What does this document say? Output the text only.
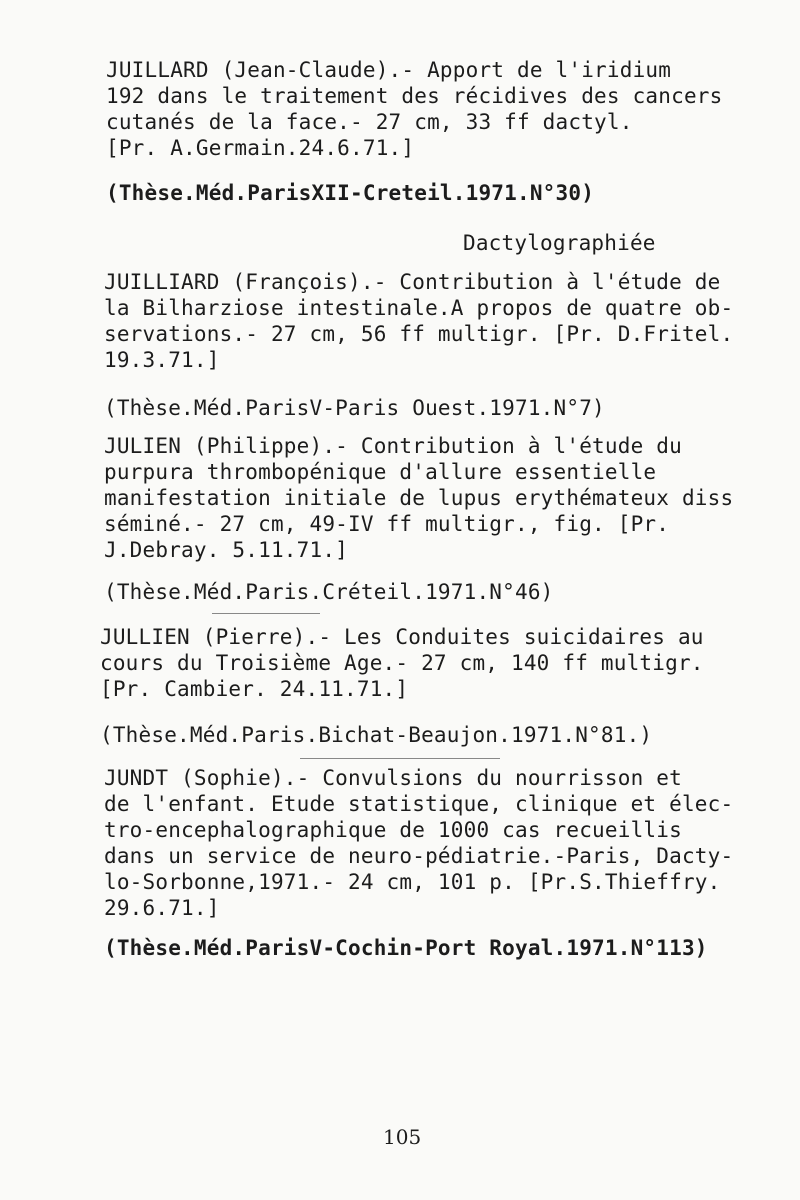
JUILLARD (Jean-Claude).- Apport de l'iridium
192 dans le traitement des récidives des cancers
cutanés de la face.- 27 cm, 33 ff dactyl.
[Pr. A.Germain.24.6.71.]
(Thèse.Méd.ParisXII-Creteil.1971.N°30)
Dactylographiée
JUILLIARD (François).- Contribution à l'étude de
la Bilharziose intestinale.A propos de quatre ob-
servations.- 27 cm, 56 ff multigr. [Pr. D.Fritel.
19.3.71.]
(Thèse.Méd.ParisV-Paris Ouest.1971.N°7)
JULIEN (Philippe).- Contribution à l'étude du
purpura thrombopénique d'allure essentielle
manifestation initiale de lupus erythémateux diss
séminé.- 27 cm, 49-IV ff multigr., fig. [Pr.
J.Debray. 5.11.71.]
(Thèse.Méd.Paris.Créteil.1971.N°46)
JULLIEN (Pierre).- Les Conduites suicidaires au
cours du Troisième Age.- 27 cm, 140 ff multigr.
[Pr. Cambier. 24.11.71.]
(Thèse.Méd.Paris.Bichat-Beaujon.1971.N°81.)
JUNDT (Sophie).- Convulsions du nourrisson et
de l'enfant. Etude statistique, clinique et élec-
tro-encephalographique de 1000 cas recueillis
dans un service de neuro-pédiatrie.-Paris, Dacty-
lo-Sorbonne,1971.- 24 cm, 101 p. [Pr.S.Thieffry.
29.6.71.]
(Thèse.Méd.ParisV-Cochin-Port Royal.1971.N°113)
105
